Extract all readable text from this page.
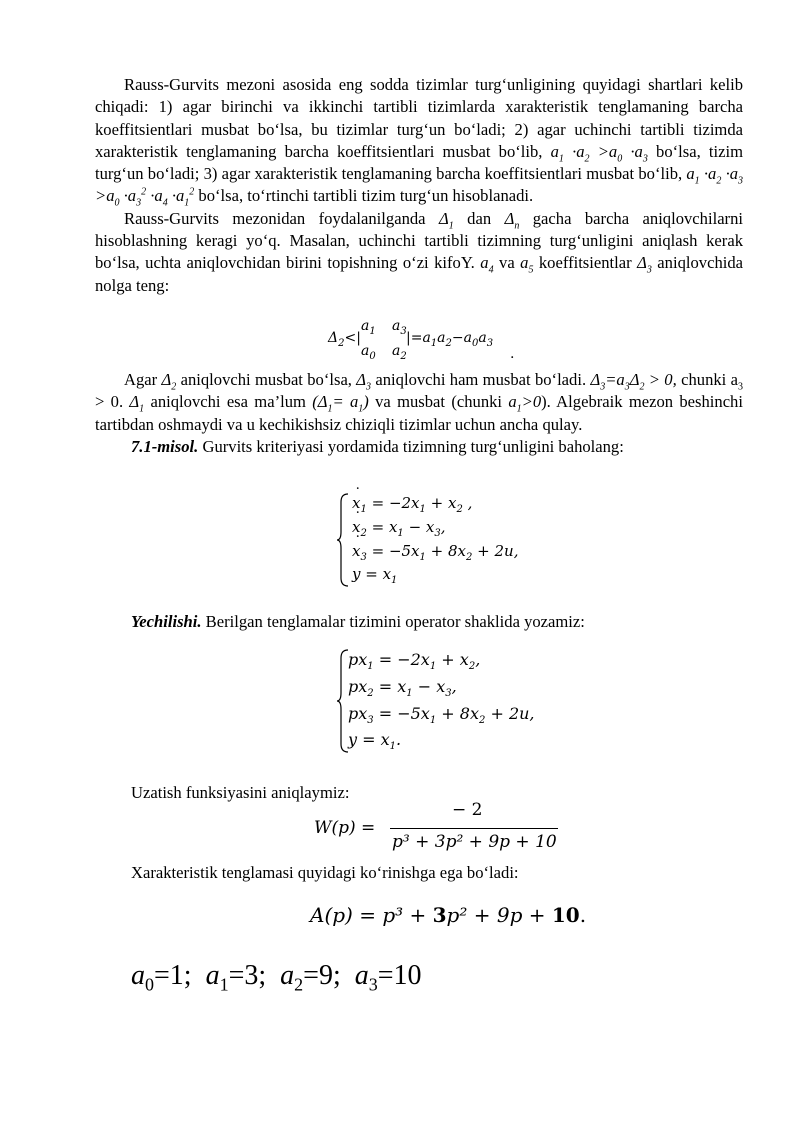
Rauss-Gurvits mezoni asosida eng sodda tizimlar turg‘unligining quyidagi shartlari kelib chiqadi: 1) agar birinchi va ikkinchi tartibli tizimlarda xarakteristik tenglamaning barcha koeffitsientlari musbat bo‘lsa, bu tizimlar turg‘un bo‘ladi; 2) agar uchinchi tartibli tizimda xarakteristik tenglamaning barcha koeffitsientlari musbat bo‘lib, $a_1 \cdot a_2 >a_0 \cdot a_3$ bo‘lsa, tizim turg‘un bo‘ladi; 3) agar xarakteristik tenglamaning barcha koeffitsientlari musbat bo‘lib, $a_1 \cdot a_2 \cdot a_3 >a_0 \cdot a_3^2 \cdot a_4 \cdot a_1^2$ bo‘lsa, to‘rtinchi tartibli tizim turg‘un hisoblanadi.

Rauss-Gurvits mezonidan foydalanilganda $\Delta_1$ dan $\Delta_n$ gacha barcha aniqlovchilarni hisoblashning keragi yo‘q. Masalan, uchinchi tartibli tizimning turg‘unligini aniqlash kerak bo‘lsa, uchta aniqlovchidan birini topishning o‘zi kifoY. $a_4$ va $a_5$ koeffitsientlar $\Delta_3$ aniqlovchida nolga teng:

$\Delta_2<|$
$a_1$ $a_3$
$a_0$ $a_2$
$|=a_1a_2-a_0a_3$
.

Agar $\Delta_2$ aniqlovchi musbat bo‘lsa, $\Delta_3$ aniqlovchi ham musbat bo‘ladi. $\Delta_3=a_3\Delta_2 > 0$, chunki $a_3 > 0$. $\Delta_1$ aniqlovchi esa ma’lum $(\Delta_1= a_1)$ va musbat (chunki $a_1>0$). Algebraik mezon beshinchi tartibdan oshmaydi va u kechikishsiz chiziqli tizimlar uchun ancha qulay.

7.1-misol. Gurvits kriteriyasi yordamida tizimning turg‘unligini baholang:

˙ $x_1 = -2x_1 + x_2$ ,
˙ $x_2 = x_1 - x_3$,
˙ $x_3 = -5x_1 + 8x_2 + 2u$,
$y = x_1$

Yechilishi. Berilgan tenglamalar tizimini operator shaklida yozamiz:

$px_1 = -2x_1 + x_2$,
$px_2 = x_1 - x_3$,
$px_3 = -5x_1 + 8x_2 + 2u$,
$y = x_1$.

Uzatish funksiyasini aniqlaymiz:

W(p) =
− 2
p³ + 3p² + 9p + 10

Xarakteristik tenglamasi quyidagi ko‘rinishga ega bo‘ladi:

A(p) = p³ + 3p² + 9p + 10.
$a_0=1$;  $a_1=3$;  $a_2=9$;  $a_3=10$
